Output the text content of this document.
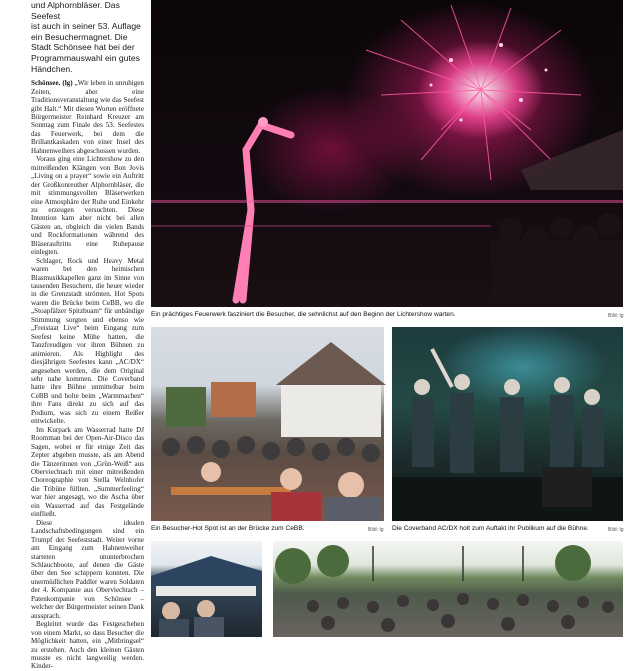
und Alphornbläser. Das Seefest
ist auch in seiner 53. Auflage
ein Besuchermagnet. Die
Stadt Schönsee hat bei der
Programmauswahl ein gutes
Händchen.

Schönsee. (lg) „Wir leben in unruhigen Zeiten, aber eine Traditionsveranstaltung wie das Seefest gibt Halt.“ Mit diesen Worten eröffnete Bürgermeister Reinhard Kreuzer am Sonntag zum Finale des 53. Seefestes das Feuerwerk, bei dem die Brillantkaskaden von einer Insel des Hahnenweihers abgeschossen wurden.

Voraus ging eine Lichtershow zu den mitreißenden Klängen von Bon Jovis „Living on a prayer“ sowie ein Auftritt der Großkonreuther Alphornbläser, die mit stimmungsvollen Bläserwerken eine Atmosphäre der Ruhe und Einkehr zu erzeugen versuchten. Diese Intention kam aber nicht bei allen Gästen an, obgleich die vielen Bands und Rockformationen während des Bläserauftritts eine Ruhepause einlegten.

Schlager, Rock und Heavy Metal waren bei den heimischen Blasmusikkapellen ganz im Sinne von tausenden Besuchern, die heuer wieder in die Grenzstadt strömten. Hot Spots waren die Brücke beim CeBB, wo die „Stoapfälzer Spitzbuam“ für unbändige Stimmung sorgten und ebenso wie „Freistaat Live“ beim Eingang zum Seefest keine Mühe hatten, die Tanzfreudigen vor ihren Bühnen zu animieren. Als Highlight des diesjährigen Seefestes kann „AC/DX“ angesehen werden, die dem Original sehr nahe kommen. Die Coverband hatte ihre Bühne unmittelbar beim CeBB und holte beim „Warmmachen“ ihre Fans direkt zu sich auf das Podium, was sich zu einem Reißer entwickelte.

Im Kurpark am Wasserrad hatte DJ Roomman bei der Open-Air-Disco das Sagen, wobei er für einige Zeit das Zepter abgeben musste, als am Abend die Tänzerinnen von „Grün-Weiß“ aus Oberviechtach mit einer mitreißenden Choreographie von Stella Welnhofer die Tribüne füllten. „Summerfeeling“ war hier angesagt, wo die Ascha über ein Wasserrad auf das Festgelände einfließt.

Diese idealen Landschaftsbedingungen sind ein Trumpf der Seefeststadt. Weiter vorne am Eingang zum Hahnenweiher starteten ununterbrochen Schlauchboote, auf denen die Gäste über den See schippern konnten. Die unermüdlichen Paddler waren Soldaten der 4. Kompanie aus Oberviechtach – Patenkompanie von Schönsee – welcher der Bürgermeister seinen Dank aussprach.

Begleitet wurde das Festgeschehen von einem Markt, so dass Besucher die Möglichkeit hatten, ein „Mitbringsel“ zu erstehen. Auch den kleinen Gästen musste es nicht langweilig werden. Kinder-

Ein prächtiges Feuerwerk fasziniert die Besucher, die sehnlichst auf den Beginn der Lichtershow warten.	Bild: lg
Ein Besucher-Hot Spot ist an der Brücke zum CeBB.	Bild: lg Die Coverband AC/DX holt zum Auftakt ihr Publikum auf die Bühne.	Bild: lg
